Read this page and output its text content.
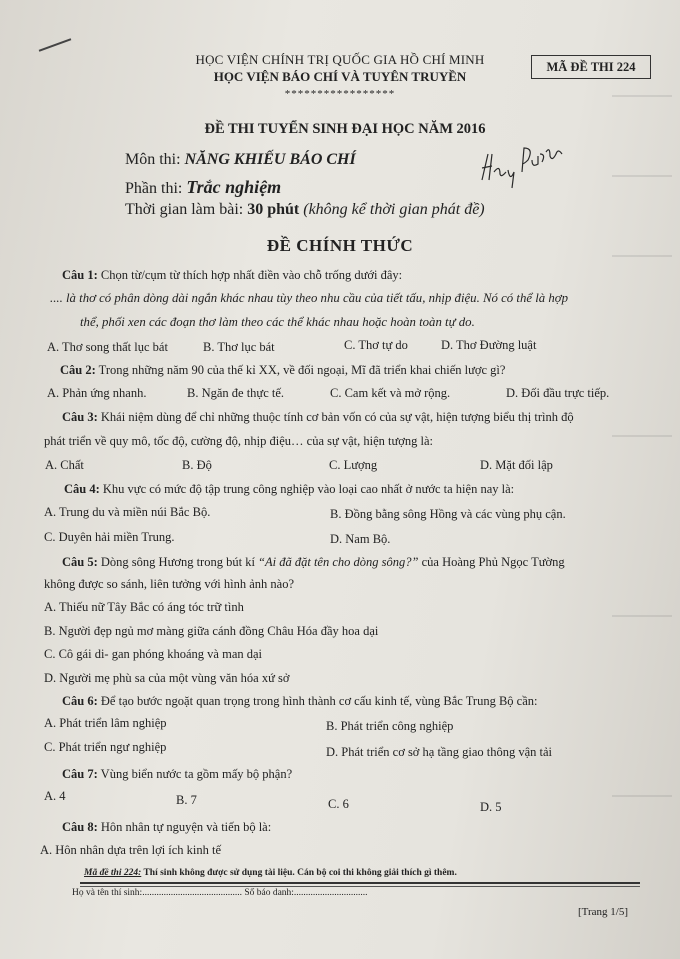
HỌC VIỆN CHÍNH TRỊ QUỐC GIA HỒ CHÍ MINH
HỌC VIỆN BÁO CHÍ VÀ TUYÊN TRUYỀN
*****************
MÃ ĐỀ THI 224
ĐỀ THI TUYỂN SINH ĐẠI HỌC NĂM 2016
Môn thi: NĂNG KHIẾU BÁO CHÍ
Phần thi: Trắc nghiệm
Thời gian làm bài: 30 phút (không kể thời gian phát đề)
ĐỀ CHÍNH THỨC
Câu 1: Chọn từ/cụm từ thích hợp nhất điền vào chỗ trống dưới đây:
.... là thơ có phân dòng dài ngắn khác nhau tùy theo nhu cầu của tiết tấu, nhịp điệu. Nó có thể là hợp
thể, phối xen các đoạn thơ làm theo các thể khác nhau hoặc hoàn toàn tự do.
A. Thơ song thất lục bát	B. Thơ lục bát	C. Thơ tự do	D. Thơ Đường luật
Câu 2: Trong những năm 90 của thế kỉ XX, về đối ngoại, Mĩ đã triển khai chiến lược gì?
A. Phản ứng nhanh.	B. Ngăn đe thực tế.	C. Cam kết và mở rộng.	D. Đối đầu trực tiếp.
Câu 3: Khái niệm dùng để chỉ những thuộc tính cơ bản vốn có của sự vật, hiện tượng biểu thị trình độ
phát triển về quy mô, tốc độ, cường độ, nhịp điệu… của sự vật, hiện tượng là:
A. Chất	B. Độ	C. Lượng	D. Mặt đối lập
Câu 4: Khu vực có mức độ tập trung công nghiệp vào loại cao nhất ở nước ta hiện nay là:
A. Trung du và miền núi Bắc Bộ.	B. Đồng bằng sông Hồng và các vùng phụ cận.
C. Duyên hải miền Trung.	D. Nam Bộ.
Câu 5: Dòng sông Hương trong bút kí “Ai đã đặt tên cho dòng sông?” của Hoàng Phủ Ngọc Tường
không được so sánh, liên tưởng với hình ảnh nào?
A. Thiếu nữ Tây Bắc có áng tóc trữ tình
B. Người đẹp ngủ mơ màng giữa cánh đồng Châu Hóa đầy hoa dại
C. Cô gái di- gan phóng khoáng và man dại
D. Người mẹ phù sa của một vùng văn hóa xứ sở
Câu 6: Để tạo bước ngoặt quan trọng trong hình thành cơ cấu kinh tế, vùng Bắc Trung Bộ cần:
A. Phát triển lâm nghiệp	B. Phát triển công nghiệp
C. Phát triển ngư nghiệp	D. Phát triển cơ sở hạ tầng giao thông vận tải
Câu 7: Vùng biển nước ta gồm mấy bộ phận?
A. 4	B. 7	C. 6	D. 5
Câu 8: Hôn nhân tự nguyện và tiến bộ là:
A. Hôn nhân dựa trên lợi ích kinh tế
Mã đề thi 224: Thí sinh không được sử dụng tài liệu. Cán bộ coi thi không giải thích gì thêm.
Họ và tên thí sinh:.......................................... Số báo danh:...............................
[Trang 1/5]
